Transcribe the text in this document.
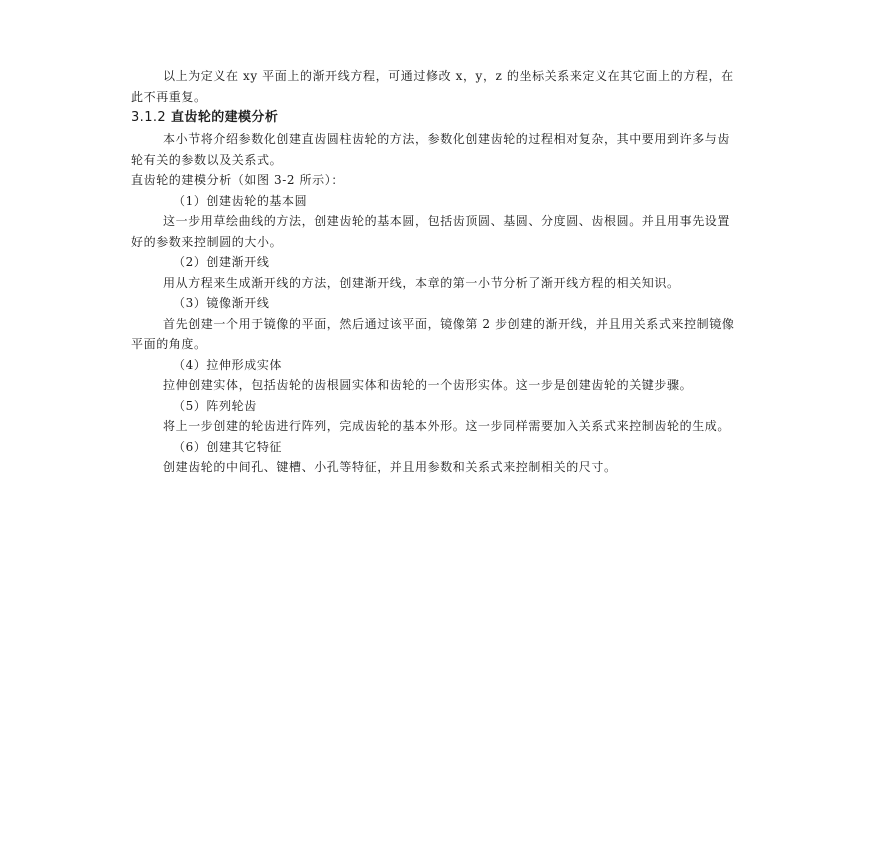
以上为定义在 xy 平面上的渐开线方程，可通过修改 x，y，z 的坐标关系来定义在其它面上的方程，在此不再重复。

3.1.2 直齿轮的建模分析

本小节将介绍参数化创建直齿圆柱齿轮的方法，参数化创建齿轮的过程相对复杂，其中要用到许多与齿轮有关的参数以及关系式。

直齿轮的建模分析（如图 3-2 所示）：

（1）创建齿轮的基本圆

这一步用草绘曲线的方法，创建齿轮的基本圆，包括齿顶圆、基圆、分度圆、齿根圆。并且用事先设置好的参数来控制圆的大小。

（2）创建渐开线

用从方程来生成渐开线的方法，创建渐开线，本章的第一小节分析了渐开线方程的相关知识。

（3）镜像渐开线

首先创建一个用于镜像的平面，然后通过该平面，镜像第 2 步创建的渐开线，并且用关系式来控制镜像平面的角度。

（4）拉伸形成实体

拉伸创建实体，包括齿轮的齿根圆实体和齿轮的一个齿形实体。这一步是创建齿轮的关键步骤。

（5）阵列轮齿

将上一步创建的轮齿进行阵列，完成齿轮的基本外形。这一步同样需要加入关系式来控制齿轮的生成。

（6）创建其它特征

创建齿轮的中间孔、键槽、小孔等特征，并且用参数和关系式来控制相关的尺寸。
